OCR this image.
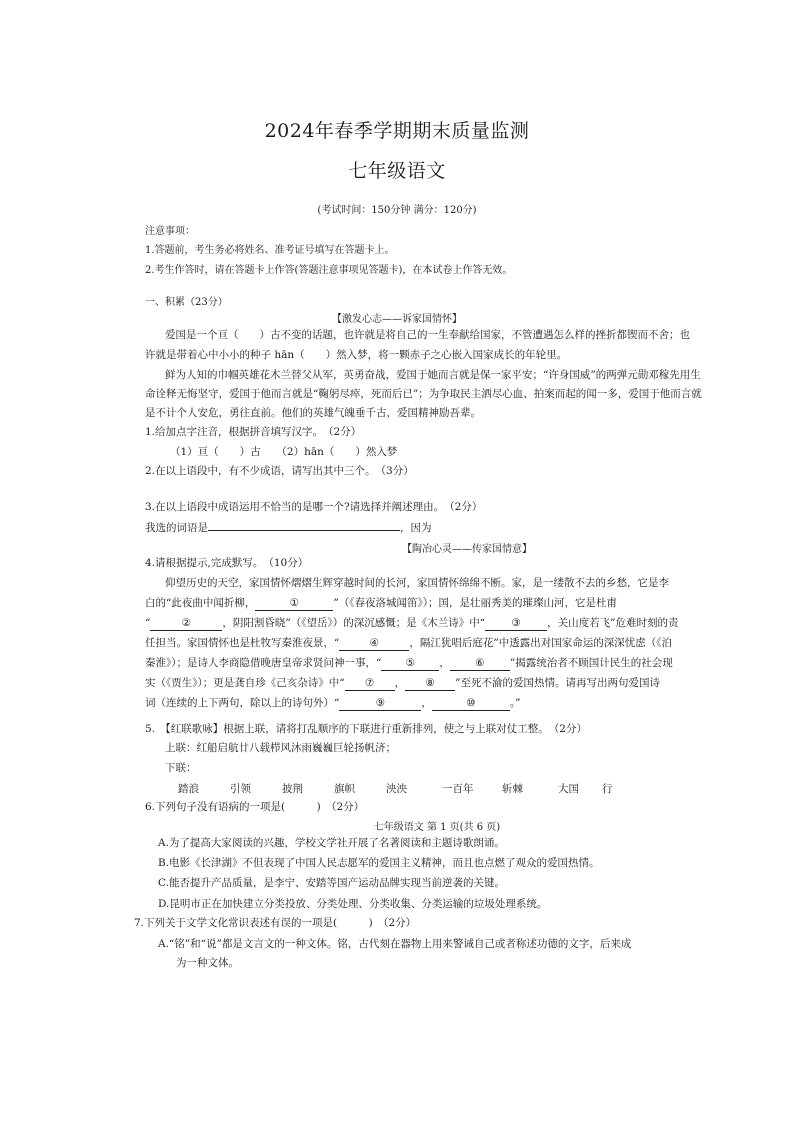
2024年春季学期期末质量监测
七年级语文
(考试时间：150分钟 满分：120分)
注意事项：
1.答题前，考生务必将姓名、准考证号填写在答题卡上。
2.考生作答时，请在答题卡上作答(答题注意事项见答题卡)，在本试卷上作答无效。
一、积累（23分）
【激发心志——诉家国情怀】
爱国是一个亘（　　）古不变的话题，也许就是将自己的一生奉献给国家，不管遭遇怎么样的挫折都锲而不舍；也
许就是带着心中小小的种子 hān（　　）然入梦，将一颗赤子之心嵌入国家成长的年轮里。
鲜为人知的巾帼英雄花木兰替父从军，英勇奋战，爱国于她而言就是保一家平安；“许身国威”的两弹元勋邓稼先用生
命诠释无悔坚守，爱国于他而言就是“鞠躬尽瘁，死而后已”；为争取民主洒尽心血、拍案而起的闻一多，爱国于他而言就
是不计个人安危，勇往直前。他们的英雄气魄垂千古，爱国精神励吾辈。
1.给加点字注音，根据拼音填写汉字。　（2分）
（1）亘（　　）古　　（2）hān（　　）然入梦
2.在以上语段中，有不少成语，请写出其中三个。　（3分）
3.在以上语段中成语运用不恰当的是哪一个?请选择并阐述理由。　（2分）
我选的词语是	，因为
【陶冶心灵——传家国情意】
4.请根据提示,完成默写。　（10分）
仰望历史的天空，家国情怀熠熠生辉穿越时间的长河，家国情怀绵绵不断。家，是一缕散不去的乡愁，它是李
白的“此夜曲中闻折柳，	①	”（《春夜洛城闻笛》）；国，是壮丽秀美的璀璨山河，它是杜甫
“	②	，阴阳割昏晓”（《望岳》）的深沉感慨；是《木兰诗》中“	③	，关山度若飞”危难时刻的责
任担当。家国情怀也是杜牧写秦淮夜景，“	④	，隔江犹唱后庭花”中透露出对国家命运的深深忧虑（《泊
秦淮》）；是诗人李商隐借晚唐皇帝求贤问神一事，“ ⑤ ， ⑥ ”揭露统治者不顾国计民生的社会现
实（《贾生》）；更是龚自珍《己亥杂诗》中“ ⑦ ， ⑧ ”至死不渝的爱国热情。请再写出两句爱国诗
词（连续的上下两句，除以上的诗句外）“	⑨	，	⑩	。”
5.　【红联歌咏】根据上联，请将打乱顺序的下联进行重新排列，使之与上联对仗工整。　（2分）
上联：红船启航廿八载栉风沐雨巍巍巨轮扬帆济；
下联：
踏浪	引领	披荆	旗帜	泱泱	一百年	斩棘	大国 行
6.下列句子没有语病的一项是(　　　)　（2分）
七年级语文 第 1 页(共 6 页)
A.为了提高大家阅读的兴趣，学校文学社开展了名著阅读和主题诗歌朗诵。
B.电影《长津湖》不但表现了中国人民志愿军的爱国主义精神，而且也点燃了观众的爱国热情。
C.能否提升产品质量，是李宁、安踏等国产运动品牌实现当前逆袭的关键。
D.昆明市正在加快建立分类投放、分类处理、分类收集、分类运输的垃圾处理系统。
7.下列关于文学文化常识表述有误的一项是(　　　)　（2分）
A.“铭”和“说”都是文言文的一种文体。铭，古代刻在器物上用来警诫自己或者称述功德的文字，后来成
为一种文体。
